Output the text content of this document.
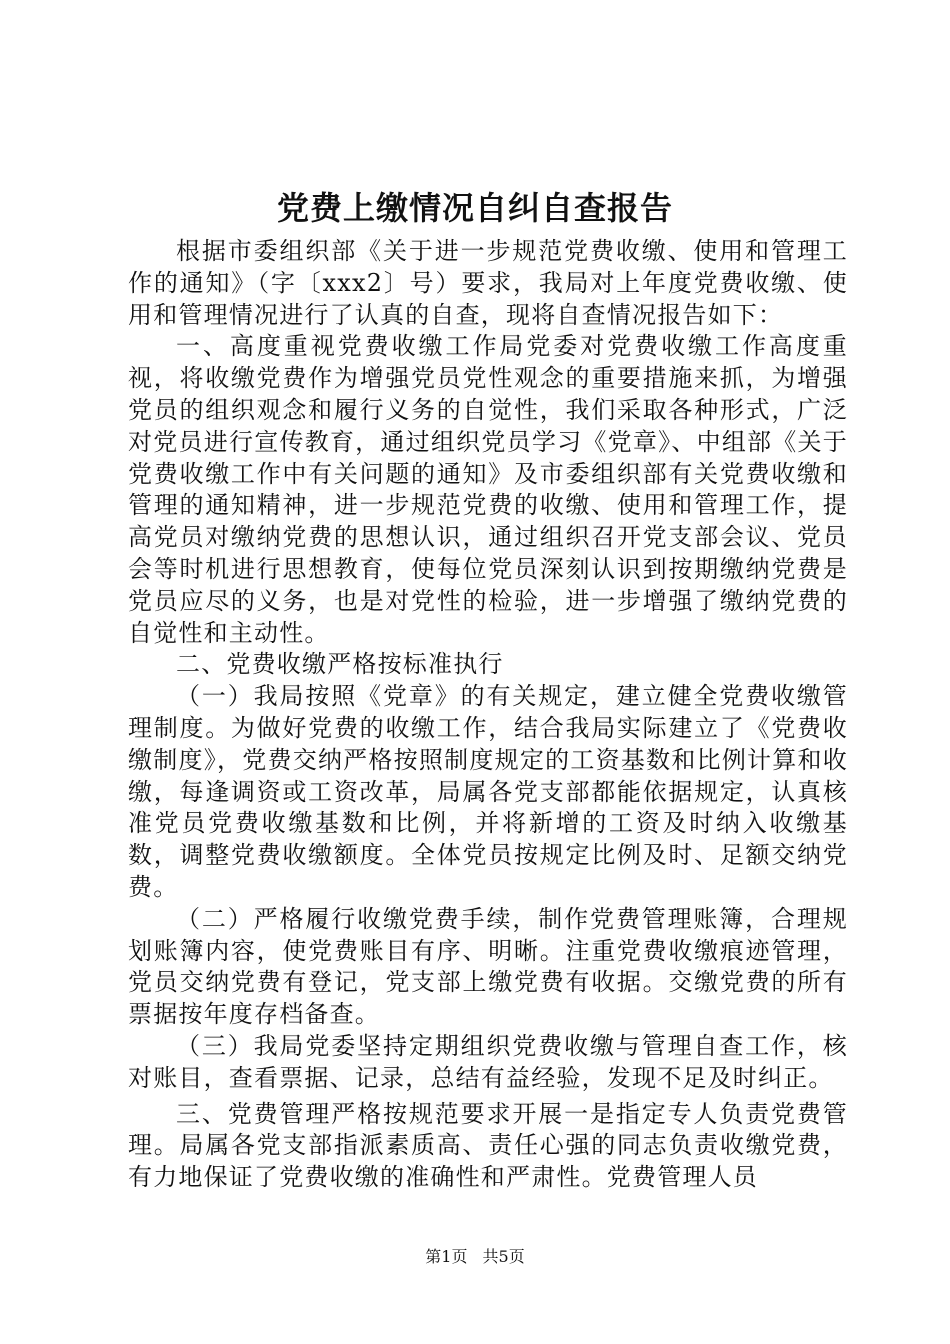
党费上缴情况自纠自查报告

根据市委组织部《关于进一步规范党费收缴、使用和管理工作的通知》（字〔xxx2〕号）要求，我局对上年度党费收缴、使用和管理情况进行了认真的自查，现将自查情况报告如下：

一、高度重视党费收缴工作局党委对党费收缴工作高度重视，将收缴党费作为增强党员党性观念的重要措施来抓，为增强党员的组织观念和履行义务的自觉性，我们采取各种形式，广泛对党员进行宣传教育，通过组织党员学习《党章》、中组部《关于党费收缴工作中有关问题的通知》及市委组织部有关党费收缴和管理的通知精神，进一步规范党费的收缴、使用和管理工作，提高党员对缴纳党费的思想认识，通过组织召开党支部会议、党员会等时机进行思想教育，使每位党员深刻认识到按期缴纳党费是党员应尽的义务，也是对党性的检验，进一步增强了缴纳党费的自觉性和主动性。

二、党费收缴严格按标准执行

（一）我局按照《党章》的有关规定，建立健全党费收缴管理制度。为做好党费的收缴工作，结合我局实际建立了《党费收缴制度》，党费交纳严格按照制度规定的工资基数和比例计算和收缴，每逢调资或工资改革，局属各党支部都能依据规定，认真核准党员党费收缴基数和比例，并将新增的工资及时纳入收缴基数，调整党费收缴额度。全体党员按规定比例及时、足额交纳党费。

（二）严格履行收缴党费手续，制作党费管理账簿，合理规划账簿内容，使党费账目有序、明晰。注重党费收缴痕迹管理，党员交纳党费有登记，党支部上缴党费有收据。交缴党费的所有票据按年度存档备查。

（三）我局党委坚持定期组织党费收缴与管理自查工作，核对账目，查看票据、记录，总结有益经验，发现不足及时纠正。

三、党费管理严格按规范要求开展一是指定专人负责党费管理。局属各党支部指派素质高、责任心强的同志负责收缴党费，有力地保证了党费收缴的准确性和严肃性。党费管理人员

第1页 共5页
